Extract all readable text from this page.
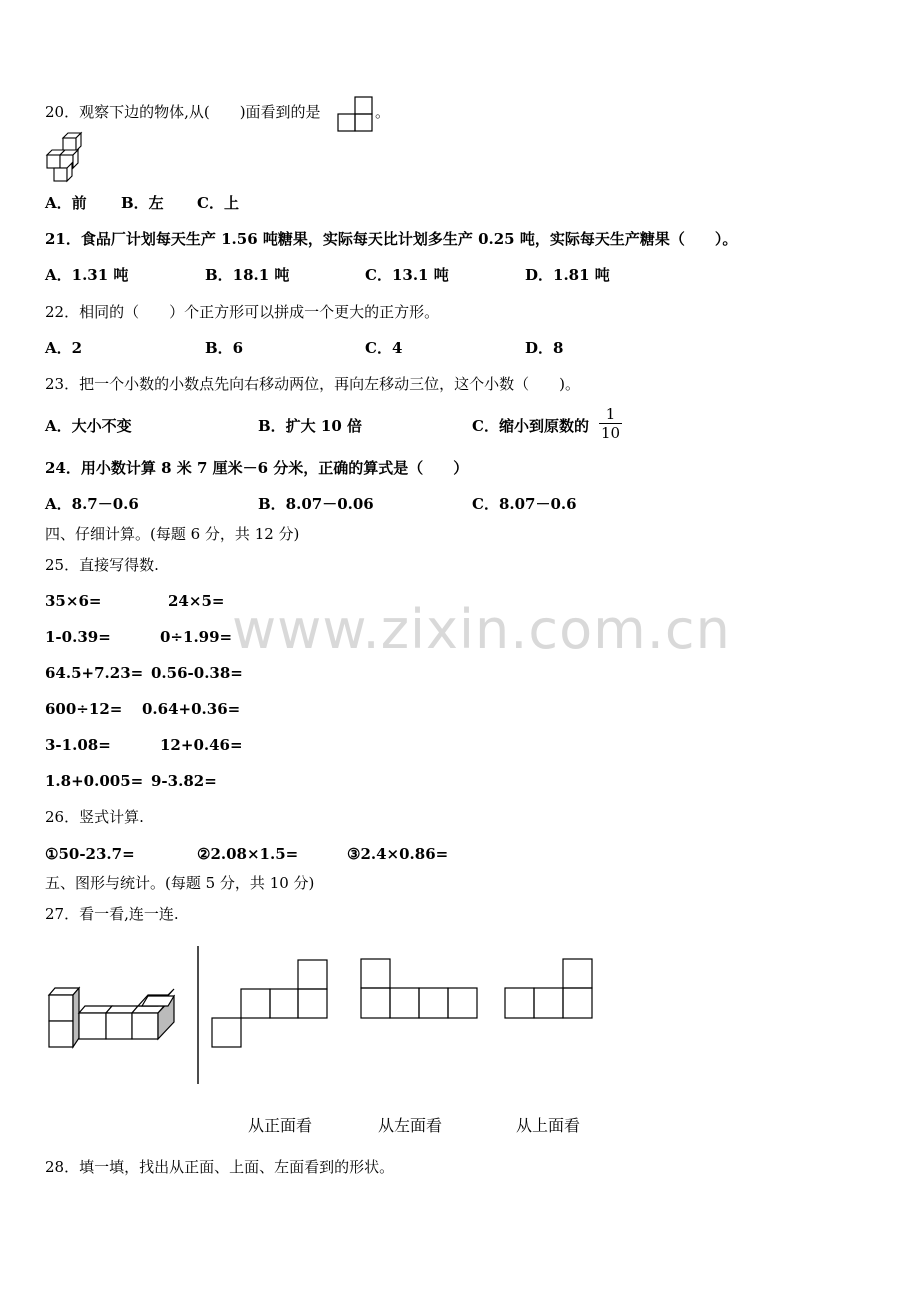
www.zixin.com.cn
20．观察下边的物体,从(　　)面看到的是	。
A．前 B．左 C．上
21．食品厂计划每天生产 1.56 吨糖果，实际每天比计划多生产 0.25 吨，实际每天生产糖果（　　）。
A．1.31 吨	B．18.1 吨	C．13.1 吨	D．1.81 吨
22．相同的（　　）个正方形可以拼成一个更大的正方形。
A．2	B．6	C．4	D．8
23．把一个小数的小数点先向右移动两位，再向左移动三位，这个小数（　　)。
A．大小不变	B．扩大 10 倍	C．缩小到原数的 $\frac{1}{10}$
24．用小数计算 8 米 7 厘米－6 分米，正确的算式是（　　）
A．8.7－0.6	B．8.07－0.06	C．8.07－0.6
四、仔细计算。(每题 6 分，共 12 分)
25．直接写得数.
35×6=	24×5=
1-0.39=	0÷1.99=
64.5+7.23= 0.56-0.38=
600÷12= 0.64+0.36=
3-1.08=	12+0.46=
1.8+0.005= 9-3.82=
26．竖式计算.
①50-23.7=	②2.08×1.5=	③2.4×0.86=
五、图形与统计。(每题 5 分，共 10 分)
27．看一看,连一连.
从正面看	从左面看	从上面看
28．填一填，找出从正面、上面、左面看到的形状。
